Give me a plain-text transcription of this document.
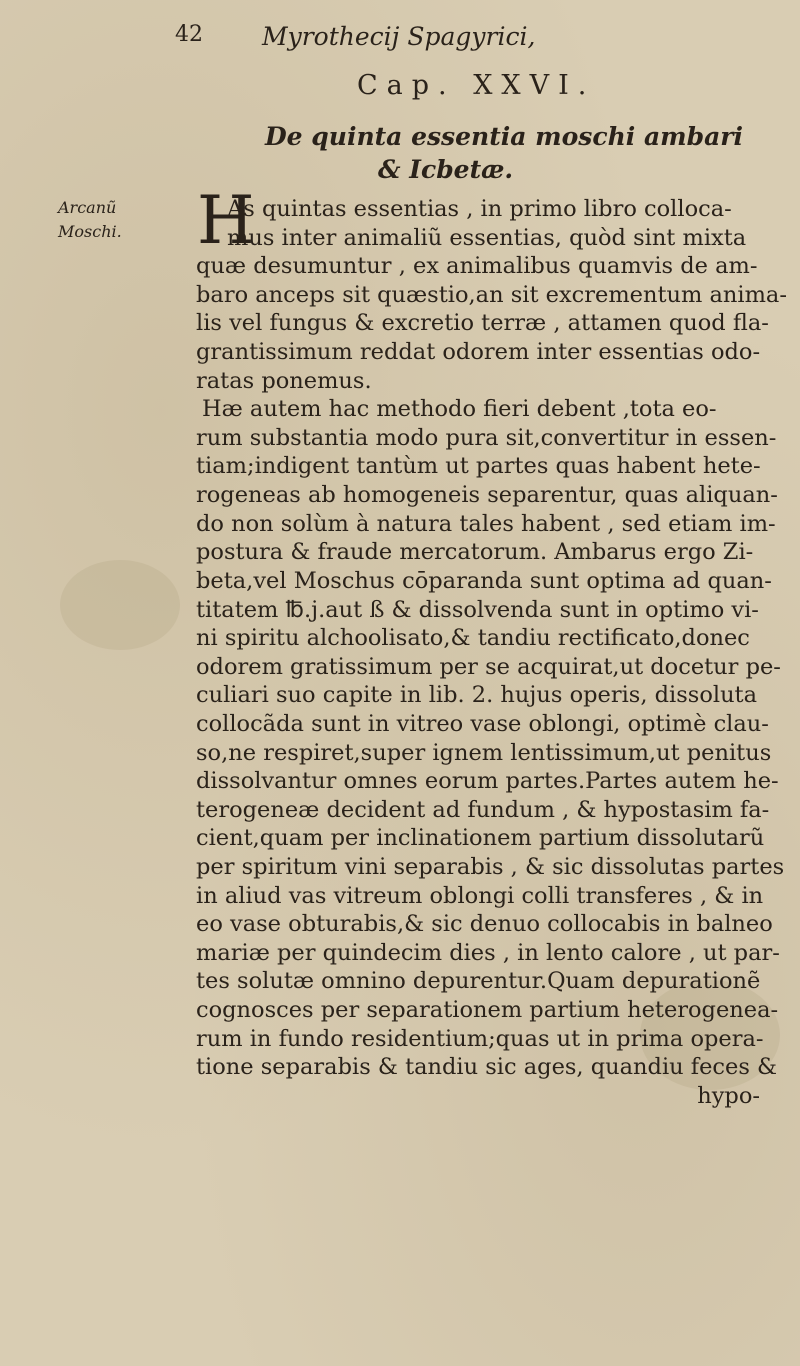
42 Myrothecij Spagyrici,
Cap. XXVI.
De quinta essentia moschi ambari
& Icbetæ.
Arcanũ
Moschi. H
As quintas essentias , in primo libro colloca-
mus inter animaliũ essentias, quòd sint mixta
quæ desumuntur , ex animalibus quamvis de am-
baro anceps sit quæstio,an sit excrementum anima-
lis vel fungus & excretio terræ , attamen quod fla-
grantissimum reddat odorem inter essentias odo-
ratas ponemus.
Hæ autem hac methodo fieri debent ,tota eo-
rum substantia modo pura sit,convertitur in essen-
tiam;indigent tantùm ut partes quas habent hete-
rogeneas ab homogeneis separentur, quas aliquan-
do non solùm à natura tales habent , sed etiam im-
postura & fraude mercatorum. Ambarus ergo Zi-
beta,vel Moschus cōparanda sunt optima ad quan-
titatem ℔.j.aut ß & dissolvenda sunt in optimo vi-
ni spiritu alchoolisato,& tandiu rectificato,donec
odorem gratissimum per se acquirat,ut docetur pe-
culiari suo capite in lib. 2. hujus operis, dissoluta
collocãda sunt in vitreo vase oblongi, optimè clau-
so,ne respiret,super ignem lentissimum,ut penitus
dissolvantur omnes eorum partes.Partes autem he-
terogeneæ decident ad fundum , & hypostasim fa-
cient,quam per inclinationem partium dissolutarũ
per spiritum vini separabis , & sic dissolutas partes
in aliud vas vitreum oblongi colli transferes , & in
eo vase obturabis,& sic denuo collocabis in balneo
mariæ per quindecim dies , in lento calore , ut par-
tes solutæ omnino depurentur.Quam depurationẽ
cognosces per separationem partium heterogenea-
rum in fundo residentium;quas ut in prima opera-
tione separabis & tandiu sic ages, quandiu feces &
hypo-
